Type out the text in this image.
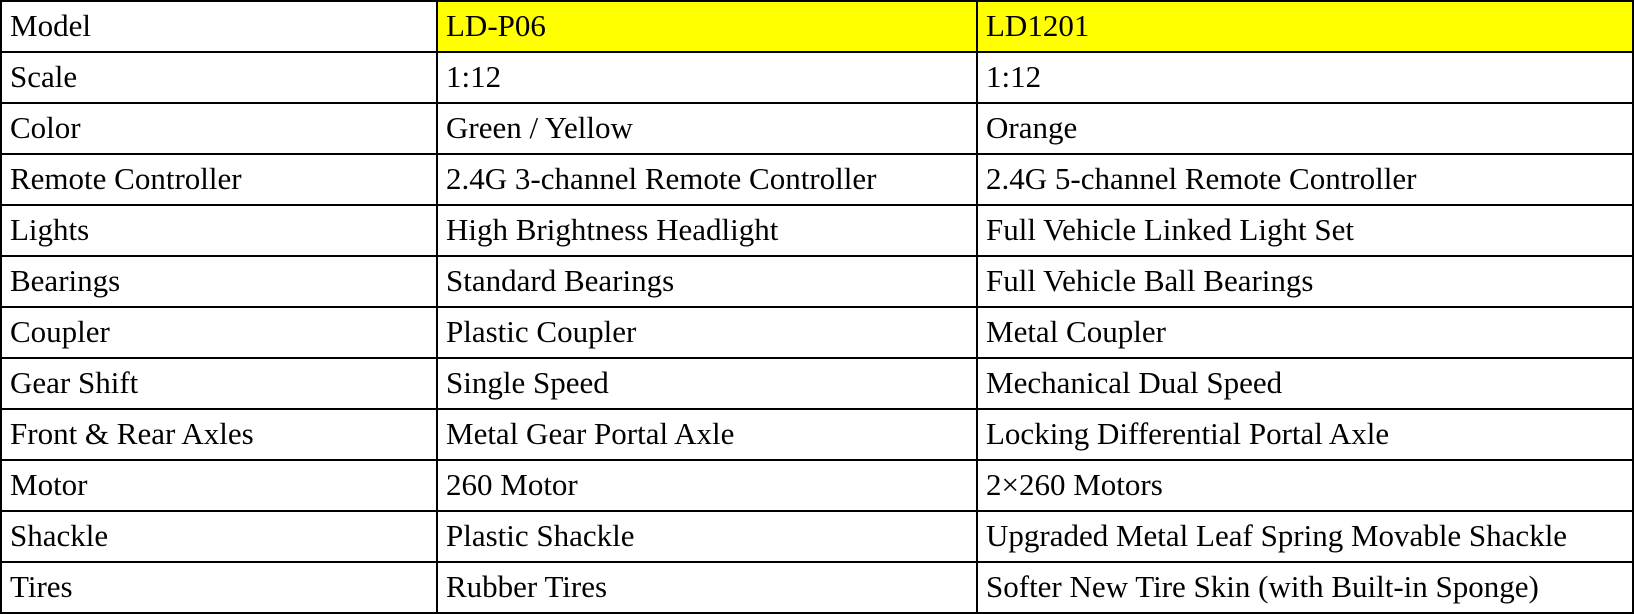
Model	LD-P06	LD1201
Scale	1:12	1:12
Color	Green / Yellow	Orange
Remote Controller	2.4G 3-channel Remote Controller	2.4G 5-channel Remote Controller
Lights	High Brightness Headlight	Full Vehicle Linked Light Set
Bearings	Standard Bearings	Full Vehicle Ball Bearings
Coupler	Plastic Coupler	Metal Coupler
Gear Shift	Single Speed	Mechanical Dual Speed
Front & Rear Axles	Metal Gear Portal Axle	Locking Differential Portal Axle
Motor	260 Motor	2×260 Motors
Shackle	Plastic Shackle	Upgraded Metal Leaf Spring Movable Shackle
Tires	Rubber Tires	Softer New Tire Skin (with Built-in Sponge)
